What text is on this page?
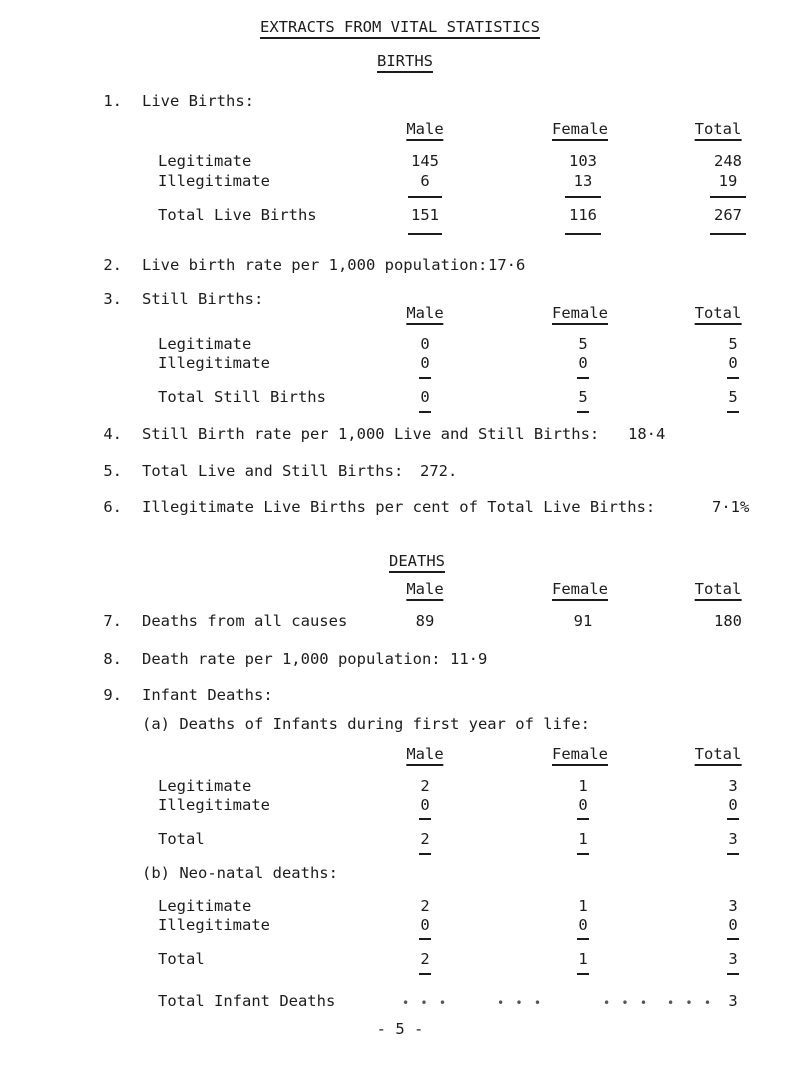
EXTRACTS FROM VITAL STATISTICS
BIRTHS
1. Live Births:
Male	Female	Total
Legitimate	145	103	248
Illegitimate	6	13	19
Total Live Births	151	116	267
2. Live birth rate per 1,000 population: 17·6
3. Still Births:
Male	Female	Total
Legitimate	0	5	5
Illegitimate	0	0	0
Total Still Births	0	5	5
4. Still Birth rate per 1,000 Live and Still Births: 18·4
5. Total Live and Still Births: 272.
6. Illegitimate Live Births per cent of Total Live Births:	7·1%
DEATHS
Male	Female	Total
7. Deaths from all causes	89	91	180
8. Death rate per 1,000 population: 11·9
9. Infant Deaths:
(a) Deaths of Infants during first year of life:
Male	Female	Total
Legitimate	2	1	3
Illegitimate	0	0	0
Total	2	1	3
(b) Neo-natal deaths:
Legitimate	2	1	3
Illegitimate	0	0	0
Total	2	1	3
Total Infant Deaths	• • •	• • •	• • • • • • 3
- 5 -
